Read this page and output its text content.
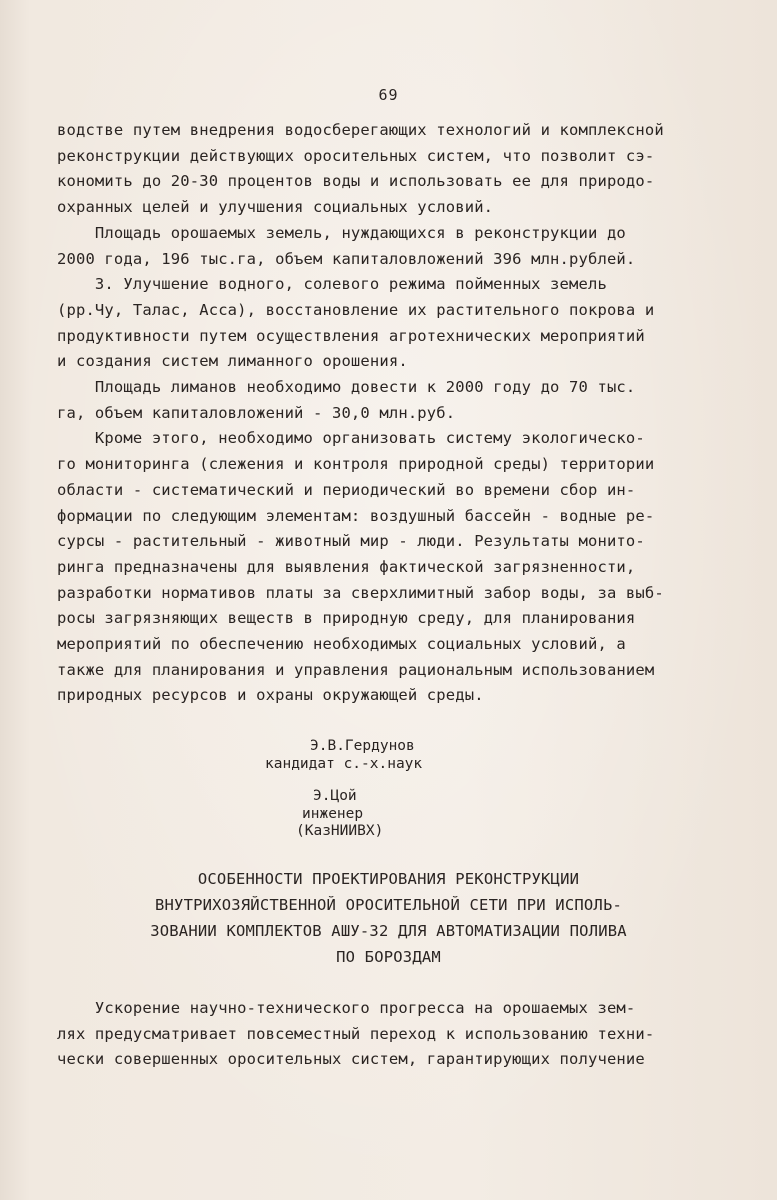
69

водстве путем внедрения водосберегающих технологий и комплексной

реконструкции действующих оросительных систем, что позволит сэ-

кономить до 20-30 процентов воды и использовать ее для природо-

охранных целей и улучшения социальных условий.

Площадь орошаемых земель, нуждающихся в реконструкции до

2000 года, 196 тыс.га, объем капиталовложений 396 млн.рублей.

3. Улучшение водного, солевого режима пойменных земель

(рр.Чу, Талас, Асса), восстановление их растительного покрова и

продуктивности путем осуществления агротехнических мероприятий

и создания систем лиманного орошения.

Площадь лиманов необходимо довести к 2000 году до 70 тыс.

га, объем капиталовложений - 30,0 млн.руб.

Кроме этого, необходимо организовать систему экологическо-

го мониторинга (слежения и контроля природной среды) территории

области - систематический и периодический во времени сбор ин-

формации по следующим элементам: воздушный бассейн - водные ре-

сурсы - растительный - животный мир - люди. Результаты монито-

ринга предназначены для выявления фактической загрязненности,

разработки нормативов платы за сверхлимитный забор воды, за выб-

росы загрязняющих веществ в природную среду, для планирования

мероприятий по обеспечению необходимых социальных условий, а

также для планирования и управления рациональным использованием

природных ресурсов и охраны окружающей среды.

Э.В.Гердунов
кандидат с.-х.наук
Э.Цой
инженер
(КазНИИВХ)
ОСОБЕННОСТИ ПРОЕКТИРОВАНИЯ РЕКОНСТРУКЦИИ
ВНУТРИХОЗЯЙСТВЕННОЙ ОРОСИТЕЛЬНОЙ СЕТИ ПРИ ИСПОЛЬ-
ЗОВАНИИ КОМПЛЕКТОВ АШУ-32 ДЛЯ АВТОМАТИЗАЦИИ ПОЛИВА
ПО БОРОЗДАМ

Ускорение научно-технического прогресса на орошаемых зем-

лях предусматривает повсеместный переход к использованию техни-

чески совершенных оросительных систем, гарантирующих получение
